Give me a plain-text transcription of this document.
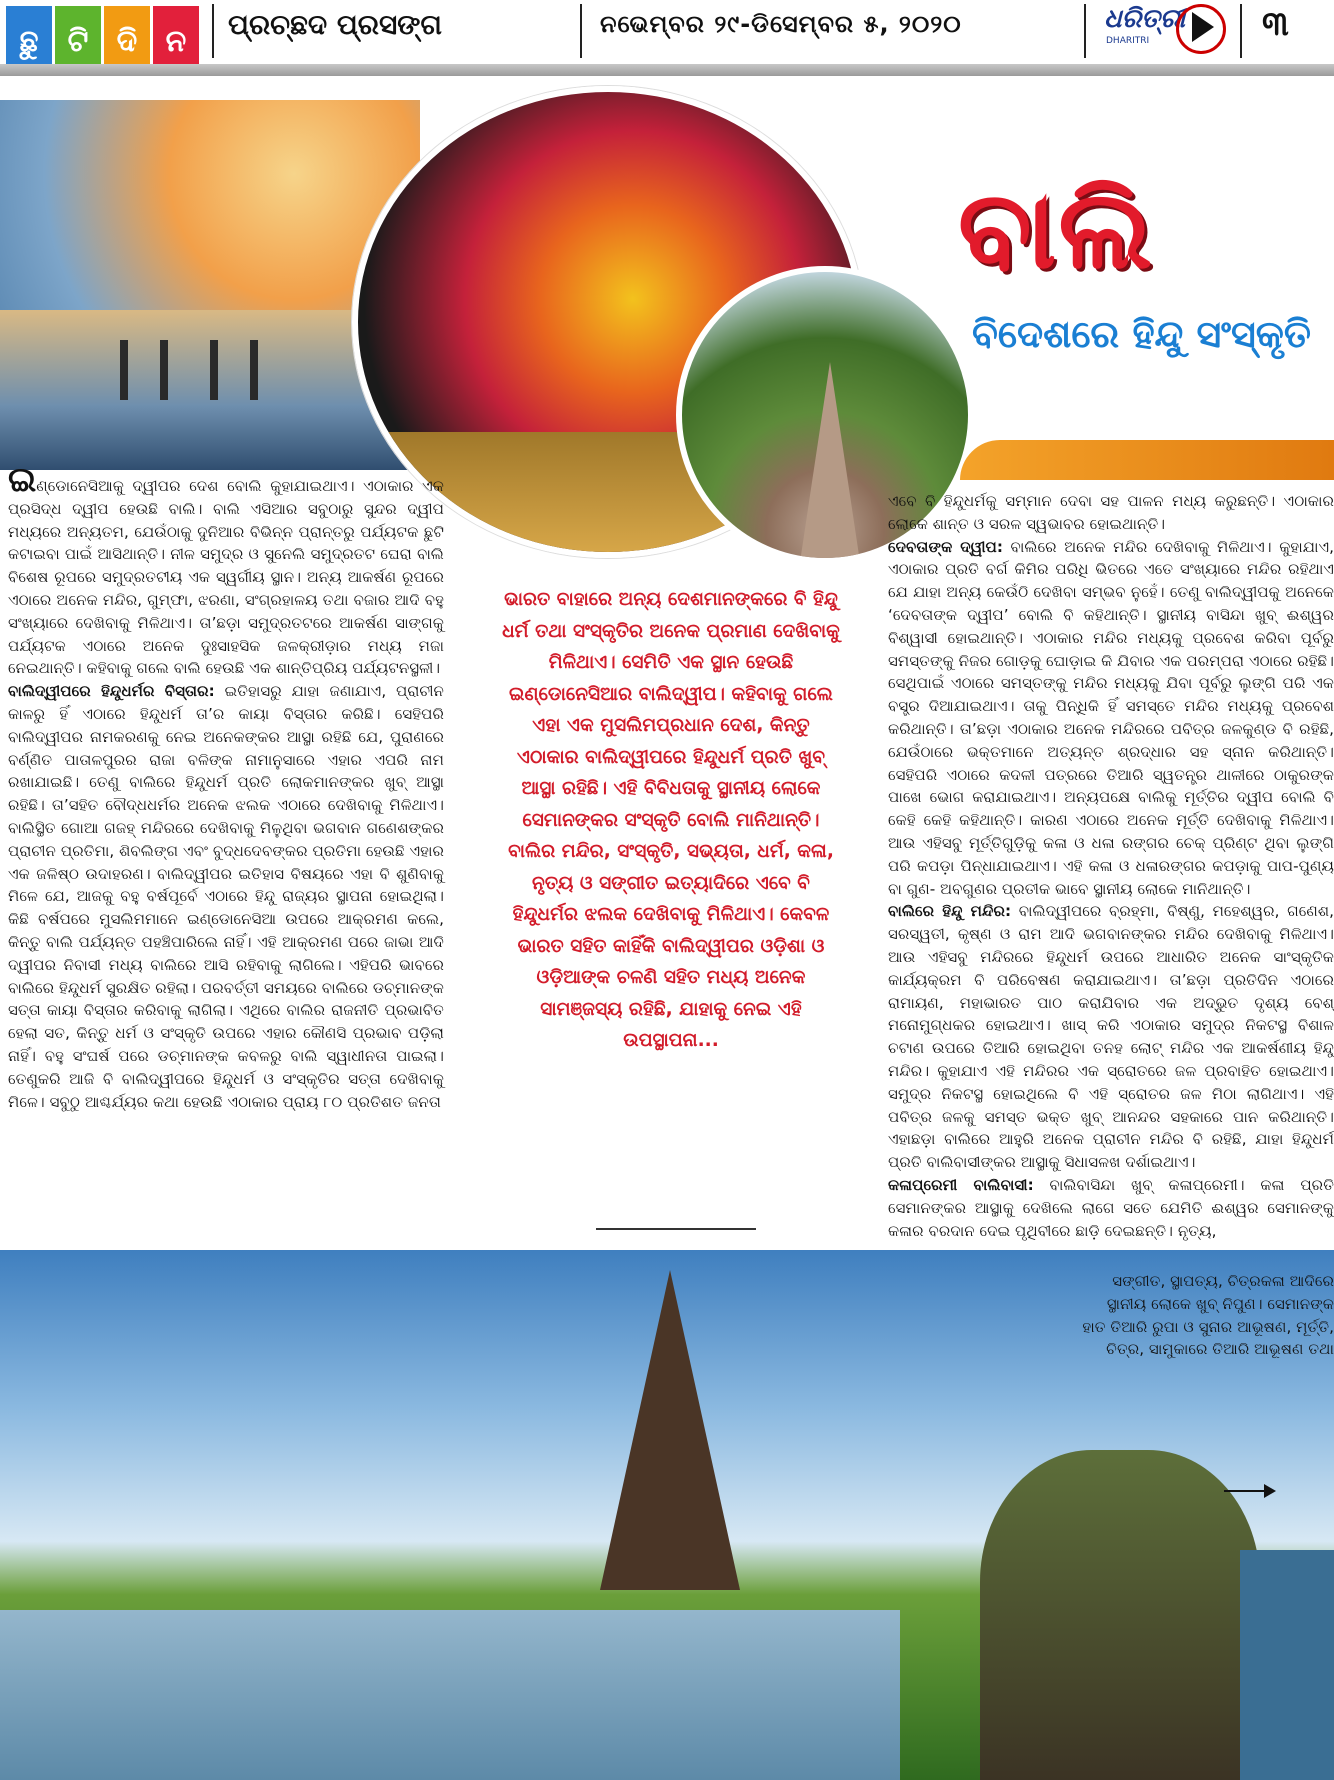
ଛୁ ଟି ଦି ନ	ପ୍ରଚ୍ଛଦ ପ୍ରସଙ୍ଗ	ନଭେମ୍ବର ୨୯-ଡିସେମ୍ବର ୫, ୨୦୨୦	ଧରିତ୍ରୀ
DHARITRI	୩
ବାଲି
ବିଦେଶରେ ହିନ୍ଦୁ ସଂସ୍କୃତି

ଇଣ୍ଡୋନେସିଆକୁ ଦ୍ୱୀପର ଦେଶ ବୋଲି କୁହାଯାଇଥାଏ। ଏଠାକାର ଏକ ପ୍ରସିଦ୍ଧ ଦ୍ୱୀପ ହେଉଛି ବାଲି। ବାଲି ଏସିଆର ସବୁଠାରୁ ସୁନ୍ଦର ଦ୍ୱୀପ ମଧ୍ୟରେ ଅନ୍ୟତମ, ଯେଉଁଠାକୁ ଦୁନିଆର ବିଭିନ୍ନ ପ୍ରାନ୍ତରୁ ପର୍ଯ୍ୟଟକ ଛୁଟି କଟାଇବା ପାଇଁ ଆସିଥାନ୍ତି। ନୀଳ ସମୁଦ୍ର ଓ ସୁନେଲି ସମୁଦ୍ରତଟ ଘେରା ବାଲି ବିଶେଷ ରୂପରେ ସମୁଦ୍ରତଟୀୟ ଏକ ସ୍ୱର୍ଗୀୟ ସ୍ଥାନ। ଅନ୍ୟ ଆକର୍ଷଣ ରୂପରେ ଏଠାରେ ଅନେକ ମନ୍ଦିର, ଗୁମ୍ଫା, ଝରଣା, ସଂଗ୍ରହାଳୟ ତଥା ବଜାର ଆଦି ବହୁ ସଂଖ୍ୟାରେ ଦେଖିବାକୁ ମିଳିଥାଏ। ତା’ଛଡ଼ା ସମୁଦ୍ରତଟରେ ଆକର୍ଷଣ ସାଙ୍ଗକୁ ପର୍ଯ୍ୟଟକ ଏଠାରେ ଅନେକ ଦୁଃସାହସିକ ଜଳକ୍ରୀଡ଼ାର ମଧ୍ୟ ମଜା ନେଇଥାନ୍ତି। କହିବାକୁ ଗଲେ ବାଲି ହେଉଛି ଏକ ଶାନ୍ତିପ୍ରିୟ ପର୍ଯ୍ୟଟନସ୍ଥଳୀ।

ବାଲିଦ୍ୱୀପରେ ହିନ୍ଦୁଧର୍ମର ବିସ୍ତାର: ଇତିହାସରୁ ଯାହା ଜଣାଯାଏ, ପ୍ରାଚୀନ କାଳରୁ ହିଁ ଏଠାରେ ହିନ୍ଦୁଧର୍ମ ତା’ର କାୟା ବିସ୍ତାର କରିଛି। ସେହିପରି ବାଲିଦ୍ୱୀପର ନାମକରଣକୁ ନେଇ ଅନେକଙ୍କର ଆସ୍ଥା ରହିଛି ଯେ, ପୁରାଣରେ ବର୍ଣ୍ଣିତ ପାତାଳପୁରର ରାଜା ବଳିଙ୍କ ନାମାନୁସାରେ ଏହାର ଏପରି ନାମ ରଖାଯାଇଛି। ତେଣୁ ବାଲିରେ ହିନ୍ଦୁଧର୍ମ ପ୍ରତି ଲୋକମାନଙ୍କର ଖୁବ୍ ଆସ୍ଥା ରହିଛି। ତା’ସହିତ ବୌଦ୍ଧଧର୍ମର ଅନେକ ଝଲକ ଏଠାରେ ଦେଖିବାକୁ ମିଳିଥାଏ। ବାଲିସ୍ଥିତ ଗୋଆ ଗଜହ୍ ମନ୍ଦିରରେ ଦେଖିବାକୁ ମିଳୁଥିବା ଭଗବାନ ଗଣେଶଙ୍କର ପ୍ରାଚୀନ ପ୍ରତିମା, ଶିବଲିଙ୍ଗ ଏବଂ ବୁଦ୍ଧଦେବଙ୍କର ପ୍ରତିମା ହେଉଛି ଏହାର ଏକ ଜଳିଷ୍ଠ ଉଦାହରଣ। ବାଲିଦ୍ୱୀପର ଇତିହାସ ବିଷୟରେ ଏହା ବି ଶୁଣିବାକୁ ମିଳେ ଯେ, ଆଜକୁ ବହୁ ବର୍ଷପୂର୍ବେ ଏଠାରେ ହିନ୍ଦୁ ରାଜ୍ୟର ସ୍ଥାପନା ହୋଇଥିଲା। କିଛି ବର୍ଷପରେ ମୁସଲିମମାନେ ଇଣ୍ଡୋନେସିଆ ଉପରେ ଆକ୍ରମଣ କଲେ, କିନ୍ତୁ ବାଲି ପର୍ଯ୍ୟନ୍ତ ପହଞ୍ଚିପାରିଲେ ନାହିଁ। ଏହି ଆକ୍ରମଣ ପରେ ଜାଭା ଆଦି ଦ୍ୱୀପର ନିବାସୀ ମଧ୍ୟ ବାଲିରେ ଆସି ରହିବାକୁ ଲାଗିଲେ। ଏହିପରି ଭାବରେ ବାଲିରେ ହିନ୍ଦୁଧର୍ମ ସୁରକ୍ଷିତ ରହିଲା। ପରବର୍ତ୍ତୀ ସମୟରେ ବାଲିରେ ଡଚ୍‌ମାନଙ୍କ ସତ୍ତା କାୟା ବିସ୍ତାର କରିବାକୁ ଲାଗିଲା। ଏଥିରେ ବାଲିର ରାଜନୀତି ପ୍ରଭାବିତ ହେଲା ସତ, କିନ୍ତୁ ଧର୍ମ ଓ ସଂସ୍କୃତି ଉପରେ ଏହାର କୌଣସି ପ୍ରଭାବ ପଡ଼ିଲା ନାହିଁ। ବହୁ ସଂଘର୍ଷ ପରେ ଡଚ୍‌ମାନଙ୍କ କବଳରୁ ବାଲି ସ୍ୱାଧୀନତା ପାଇଲା। ତେଣୁକରି ଆଜି ବି ବାଲିଦ୍ୱୀପରେ ହିନ୍ଦୁଧର୍ମ ଓ ସଂସ୍କୃତିର ସତ୍ତା ଦେଖିବାକୁ ମିଳେ। ସବୁଠୁ ଆଶ୍ଚର୍ଯ୍ୟର କଥା ହେଉଛି ଏଠାକାର ପ୍ରାୟ ୮୦ ପ୍ରତିଶତ ଜନତା

ଭାରତ ବାହାରେ ଅନ୍ୟ ଦେଶମାନଙ୍କରେ ବି ହିନ୍ଦୁ ଧର୍ମ ତଥା ସଂସ୍କୃତିର ଅନେକ ପ୍ରମାଣ ଦେଖିବାକୁ ମିଳିଥାଏ। ସେମିତି ଏକ ସ୍ଥାନ ହେଉଛି ଇଣ୍ଡୋନେସିଆର ବାଲିଦ୍ୱୀପ। କହିବାକୁ ଗଲେ ଏହା ଏକ ମୁସଲିମପ୍ରଧାନ ଦେଶ, କିନ୍ତୁ ଏଠାକାର ବାଲିଦ୍ୱୀପରେ ହିନ୍ଦୁଧର୍ମ ପ୍ରତି ଖୁବ୍ ଆସ୍ଥା ରହିଛି। ଏହି ବିବିଧତାକୁ ସ୍ଥାନୀୟ ଲୋକେ ସେମାନଙ୍କର ସଂସ୍କୃତି ବୋଲି ମାନିଥାନ୍ତି। ବାଲିର ମନ୍ଦିର, ସଂସ୍କୃତି, ସଭ୍ୟତା, ଧର୍ମ, କଳା, ନୃତ୍ୟ ଓ ସଙ୍ଗୀତ ଇତ୍ୟାଦିରେ ଏବେ ବି ହିନ୍ଦୁଧର୍ମର ଝଲକ ଦେଖିବାକୁ ମିଳିଥାଏ। କେବଳ ଭାରତ ସହିତ କାହିଁକି ବାଲିଦ୍ୱୀପର ଓଡ଼ିଶା ଓ ଓଡ଼ିଆଙ୍କ ଚଳଣି ସହିତ ମଧ୍ୟ ଅନେକ ସାମଞ୍ଜସ୍ୟ ରହିଛି, ଯାହାକୁ ନେଇ ଏହି ଉପସ୍ଥାପନା...

ଏବେ ବି ହିନ୍ଦୁଧର୍ମକୁ ସମ୍ମାନ ଦେବା ସହ ପାଳନ ମଧ୍ୟ କରୁଛନ୍ତି। ଏଠାକାର ଲୋକେ ଶାନ୍ତ ଓ ସରଳ ସ୍ୱଭାବର ହୋଇଥାନ୍ତି।

ଦେବତାଙ୍କ ଦ୍ୱୀପ: ବାଲିରେ ଅନେକ ମନ୍ଦିର ଦେଖିବାକୁ ମିଳିଥାଏ। କୁହାଯାଏ, ଏଠାକାର ପ୍ରତି ବର୍ଗ କିମିର ପରିଧି ଭିତରେ ଏତେ ସଂଖ୍ୟାରେ ମନ୍ଦିର ରହିଥାଏ ଯେ ଯାହା ଅନ୍ୟ କେଉଁଠି ଦେଖିବା ସମ୍ଭବ ନୁହେଁ। ତେଣୁ ବାଲିଦ୍ୱୀପକୁ ଅନେକେ ‘ଦେବତାଙ୍କ ଦ୍ୱୀପ’ ବୋଲି ବି କହିଥାନ୍ତି। ସ୍ଥାନୀୟ ବାସିନ୍ଦା ଖୁବ୍ ଈଶ୍ୱର ବିଶ୍ୱାସୀ ହୋଇଥାନ୍ତି। ଏଠାକାର ମନ୍ଦିର ମଧ୍ୟକୁ ପ୍ରବେଶ କରିବା ପୂର୍ବରୁ ସମସ୍ତଙ୍କୁ ନିଜର ଗୋଡ଼କୁ ଘୋଡ଼ାଇ କି ଯିବାର ଏକ ପରମ୍ପରା ଏଠାରେ ରହିଛି। ସେଥିପାଇଁ ଏଠାରେ ସମସ୍ତଙ୍କୁ ମନ୍ଦିର ମଧ୍ୟକୁ ଯିବା ପୂର୍ବରୁ ଲୁଙ୍ଗି ପରି ଏକ ବସ୍ତ୍ର ଦିଆଯାଇଥାଏ। ତାକୁ ପିନ୍ଧିକି ହିଁ ସମସ୍ତେ ମନ୍ଦିର ମଧ୍ୟକୁ ପ୍ରବେଶ କରିଥାନ୍ତି। ତା’ଛଡ଼ା ଏଠାକାର ଅନେକ ମନ୍ଦିରରେ ପବିତ୍ର ଜଳକୁଣ୍ଡ ବି ରହିଛି, ଯେଉଁଠାରେ ଭକ୍ତମାନେ ଅତ୍ୟନ୍ତ ଶ୍ରଦ୍ଧାର ସହ ସ୍ନାନ କରିଥାନ୍ତି। ସେହିପରି ଏଠାରେ କଦଳୀ ପତ୍ରରେ ତିଆରି ସ୍ୱତନ୍ତ୍ର ଥାଳୀରେ ଠାକୁରଙ୍କ ପାଖେ ଭୋଗ କରାଯାଇଥାଏ। ଅନ୍ୟପକ୍ଷେ ବାଲିକୁ ମୂର୍ତ୍ତିର ଦ୍ୱୀପ ବୋଲି ବି କେହି କେହି କହିଥାନ୍ତି। କାରଣ ଏଠାରେ ଅନେକ ମୂର୍ତ୍ତି ଦେଖିବାକୁ ମିଳିଥାଏ। ଆଉ ଏହିସବୁ ମୂର୍ତ୍ତିଗୁଡ଼ିକୁ କଳା ଓ ଧଳା ରଙ୍ଗର ଚେକ୍ ପ୍ରିଣ୍ଟ ଥିବା ଲୁଙ୍ଗି ପରି କପଡ଼ା ପିନ୍ଧାଯାଇଥାଏ। ଏହି କଳା ଓ ଧଳାରଙ୍ଗର କପଡ଼ାକୁ ପାପ-ପୁଣ୍ୟ ବା ଗୁଣ- ଅବଗୁଣର ପ୍ରତୀକ ଭାବେ ସ୍ଥାନୀୟ ଲୋକେ ମାନିଥାନ୍ତି।

ବାଲିରେ ହିନ୍ଦୁ ମନ୍ଦିର: ବାଲିଦ୍ୱୀପରେ ବ୍ରହ୍ମା, ବିଷ୍ଣୁ, ମହେଶ୍ୱର, ଗଣେଶ, ସରସ୍ୱତୀ, କୃଷ୍ଣ ଓ ରାମ ଆଦି ଭଗବାନଙ୍କର ମନ୍ଦିର ଦେଖିବାକୁ ମିଳିଥାଏ। ଆଉ ଏହିସବୁ ମନ୍ଦିରରେ ହିନ୍ଦୁଧର୍ମ ଉପରେ ଆଧାରିତ ଅନେକ ସାଂସ୍କୃତିକ କାର୍ଯ୍ୟକ୍ରମ ବି ପରିବେଷଣ କରାଯାଇଥାଏ। ତା’ଛଡ଼ା ପ୍ରତିଦିନ ଏଠାରେ ରାମାୟଣ, ମହାଭାରତ ପାଠ କରାଯିବାର ଏକ ଅଦ୍ଭୁତ ଦୃଶ୍ୟ ବେଶ୍ ମନୋମୁଗ୍ଧକର ହୋଇଥାଏ। ଖାସ୍ କରି ଏଠାକାର ସମୁଦ୍ର ନିକଟସ୍ଥ ବିଶାଳ ଚଟାଣ ଉପରେ ତିଆରି ହୋଇଥିବା ତନହ ଲୋଟ୍ ମନ୍ଦିର ଏକ ଆକର୍ଷଣୀୟ ହିନ୍ଦୁ ମନ୍ଦିର। କୁହାଯାଏ ଏହି ମନ୍ଦିରର ଏକ ସ୍ରୋତରେ ଜଳ ପ୍ରବାହିତ ହୋଇଥାଏ। ସମୁଦ୍ର ନିକଟସ୍ଥ ହୋଇଥିଲେ ବି ଏହି ସ୍ରୋତର ଜଳ ମିଠା ଲାଗିଥାଏ। ଏହି ପବିତ୍ର ଜଳକୁ ସମସ୍ତ ଭକ୍ତ ଖୁବ୍ ଆନନ୍ଦର ସହକାରେ ପାନ କରିଥାନ୍ତି। ଏହାଛଡ଼ା ବାଲିରେ ଆହୁରି ଅନେକ ପ୍ରାଚୀନ ମନ୍ଦିର ବି ରହିଛି, ଯାହା ହିନ୍ଦୁଧର୍ମ ପ୍ରତି ବାଲିବାସୀଙ୍କର ଆସ୍ଥାକୁ ସିଧାସଳଖ ଦର୍ଶାଇଥାଏ।

କଳାପ୍ରେମୀ ବାଲିବାସୀ: ବାଲିବାସିନ୍ଦା ଖୁବ୍ କଳାପ୍ରେମୀ। କଳା ପ୍ରତି ସେମାନଙ୍କର ଆସ୍ଥାକୁ ଦେଖିଲେ ଲାଗେ ସତେ ଯେମିତି ଈଶ୍ୱର ସେମାନଙ୍କୁ କଳାର ବରଦାନ ଦେଇ ପୃଥିବୀରେ ଛାଡ଼ି ଦେଇଛନ୍ତି। ନୃତ୍ୟ,

ସଙ୍ଗୀତ, ସ୍ଥାପତ୍ୟ, ଚିତ୍ରକଳା ଆଦିରେ ସ୍ଥାନୀୟ ଲୋକେ ଖୁବ୍ ନିପୁଣ। ସେମାନଙ୍କ ହାତ ତିଆରି ରୁପା ଓ ସୁନାର ଆଭୂଷଣ, ମୂର୍ତ୍ତି, ଚିତ୍ର, ସାମୁକାରେ ତିଆରି ଆଭୂଷଣ ତଥା
